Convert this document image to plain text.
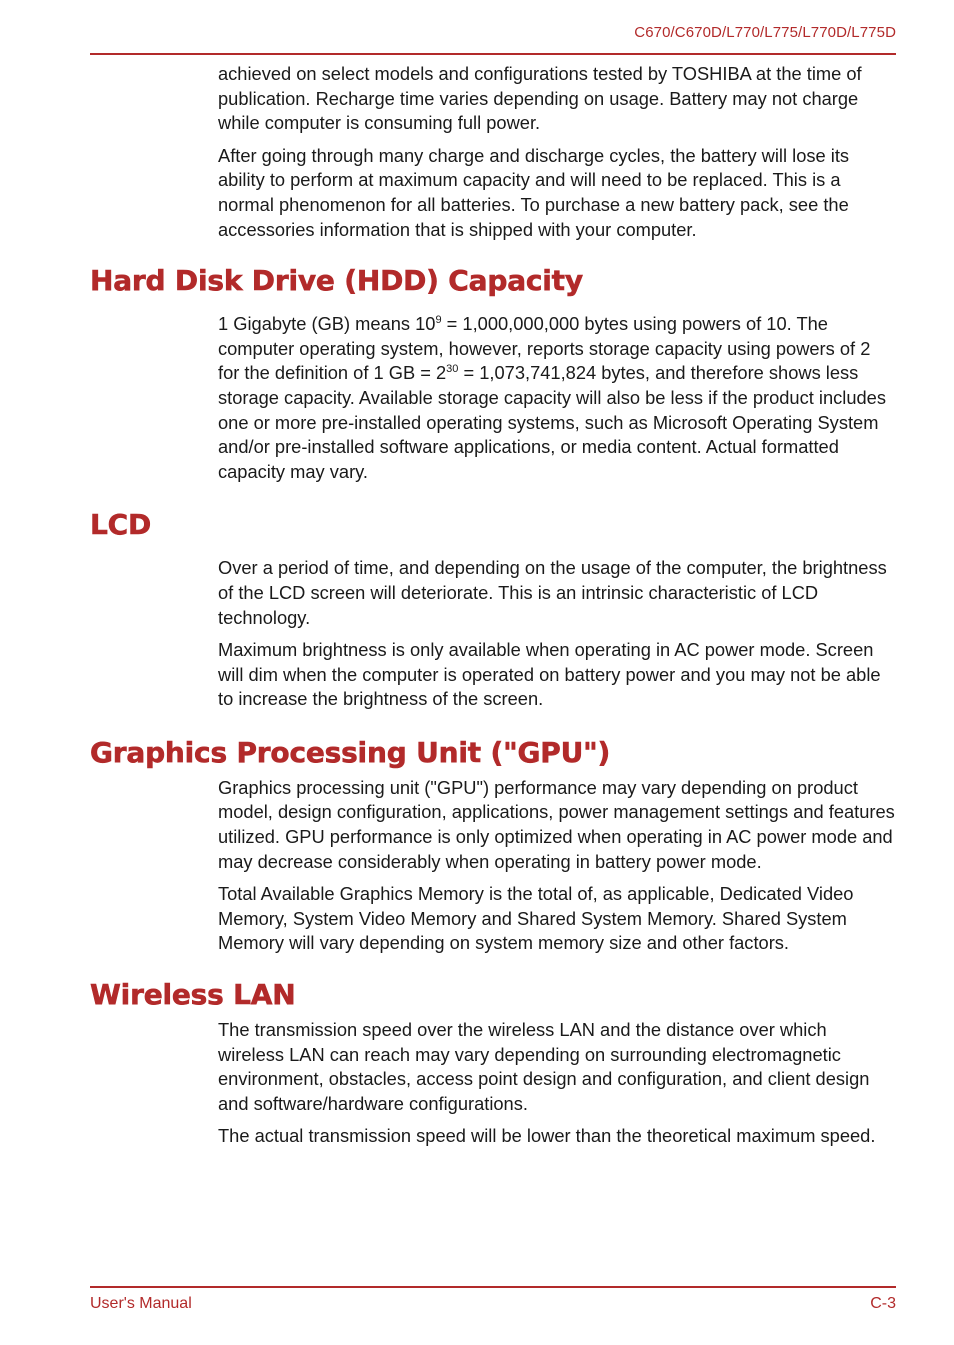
C670/C670D/L770/L775/L770D/L775D

achieved on select models and configurations tested by TOSHIBA at the time of publication. Recharge time varies depending on usage. Battery may not charge while computer is consuming full power.

After going through many charge and discharge cycles, the battery will lose its ability to perform at maximum capacity and will need to be replaced. This is a normal phenomenon for all batteries. To purchase a new battery pack, see the accessories information that is shipped with your computer.

Hard Disk Drive (HDD) Capacity

1 Gigabyte (GB) means $10^9 = 1,000,000,000$ bytes using powers of 10. The computer operating system, however, reports storage capacity using powers of 2 for the definition of 1 GB = $2^{30} = 1,073,741,824$ bytes, and therefore shows less storage capacity. Available storage capacity will also be less if the product includes one or more pre-installed operating systems, such as Microsoft Operating System and/or pre-installed software applications, or media content. Actual formatted capacity may vary.

LCD

Over a period of time, and depending on the usage of the computer, the brightness of the LCD screen will deteriorate. This is an intrinsic characteristic of LCD technology.

Maximum brightness is only available when operating in AC power mode. Screen will dim when the computer is operated on battery power and you may not be able to increase the brightness of the screen.

Graphics Processing Unit ("GPU")

Graphics processing unit ("GPU") performance may vary depending on product model, design configuration, applications, power management settings and features utilized. GPU performance is only optimized when operating in AC power mode and may decrease considerably when operating in battery power mode.

Total Available Graphics Memory is the total of, as applicable, Dedicated Video Memory, System Video Memory and Shared System Memory. Shared System Memory will vary depending on system memory size and other factors.

Wireless LAN

The transmission speed over the wireless LAN and the distance over which wireless LAN can reach may vary depending on surrounding electromagnetic environment, obstacles, access point design and configuration, and client design and software/hardware configurations.

The actual transmission speed will be lower than the theoretical maximum speed.

User's Manual	C-3
